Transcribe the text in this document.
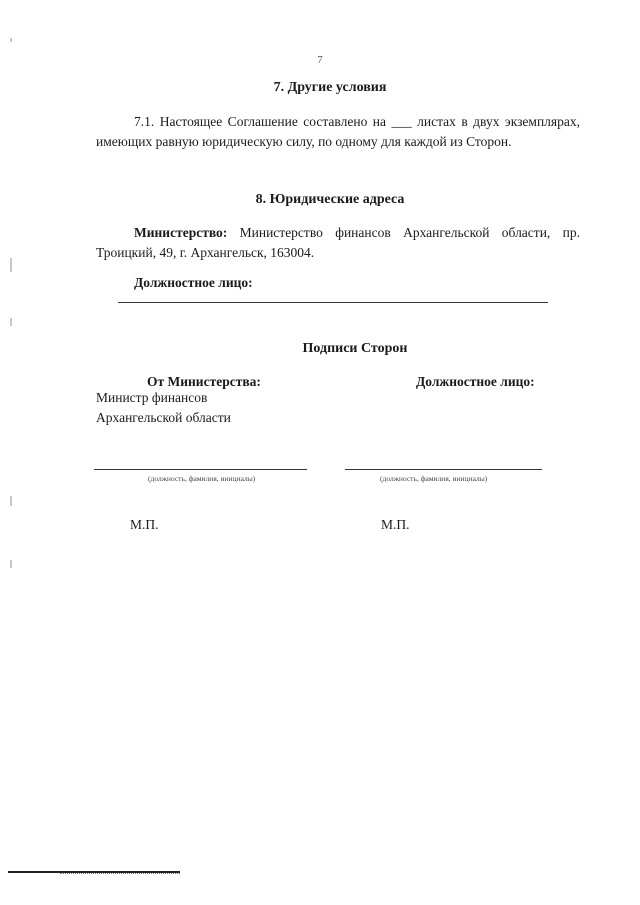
7
7. Другие условия
7.1. Настоящее Соглашение составлено на ___ листах в двух экземплярах, имеющих равную юридическую силу, по одному для каждой из Сторон.
8. Юридические адреса
Министерство: Министерство финансов Архангельской области, пр. Троицкий, 49, г. Архангельск, 163004.
Должностное лицо:
Подписи Сторон
От Министерства:	Должностное лицо:
Министр финансов
Архангельской области
(должность, фамилия, инициалы)	(должность, фамилия, инициалы)
М.П.	М.П.
